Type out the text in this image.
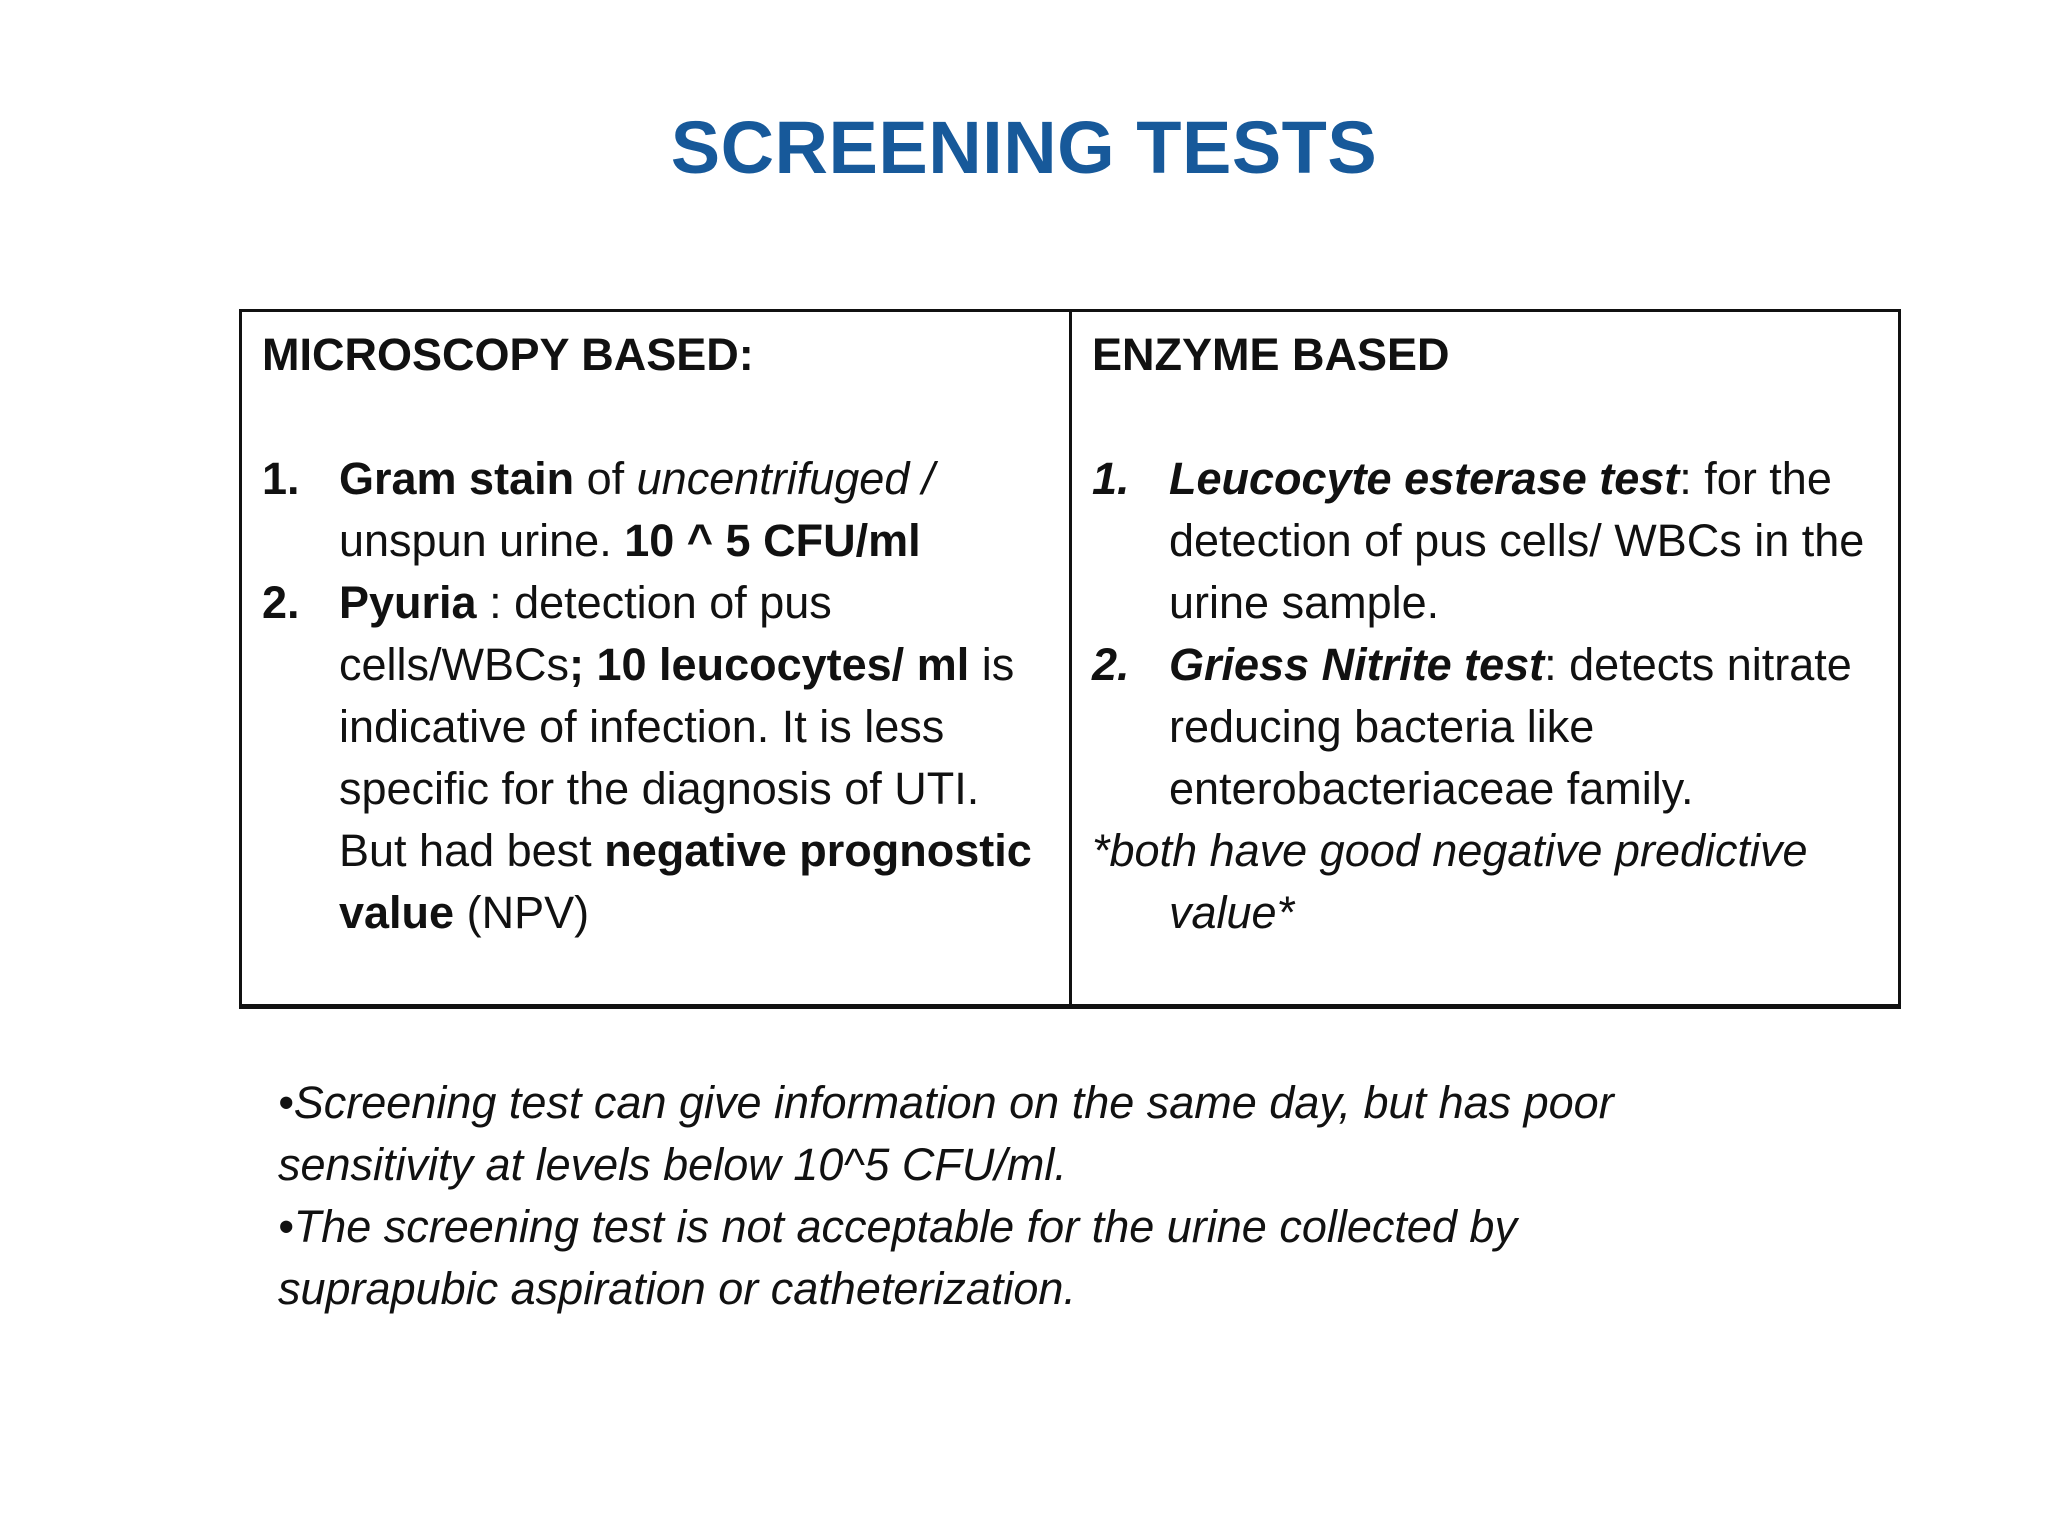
SCREENING TESTS
MICROSCOPY BASED:
1. Gram stain of uncentrifuged / unspun urine. 10 ^ 5 CFU/ml
2. Pyuria : detection of pus cells/WBCs; 10 leucocytes/ ml is indicative of infection. It is less specific for the diagnosis of UTI. But had best negative prognostic value (NPV)
ENZYME BASED
1. Leucocyte esterase test: for the detection of pus cells/ WBCs in the urine sample.
2. Griess Nitrite test: detects nitrate reducing bacteria like enterobacteriaceae family.
*both have good negative predictive value*
•Screening test can give information on the same day, but has poor sensitivity at levels below 10^5 CFU/ml.
•The screening test is not acceptable for the urine collected by suprapubic aspiration or catheterization.
